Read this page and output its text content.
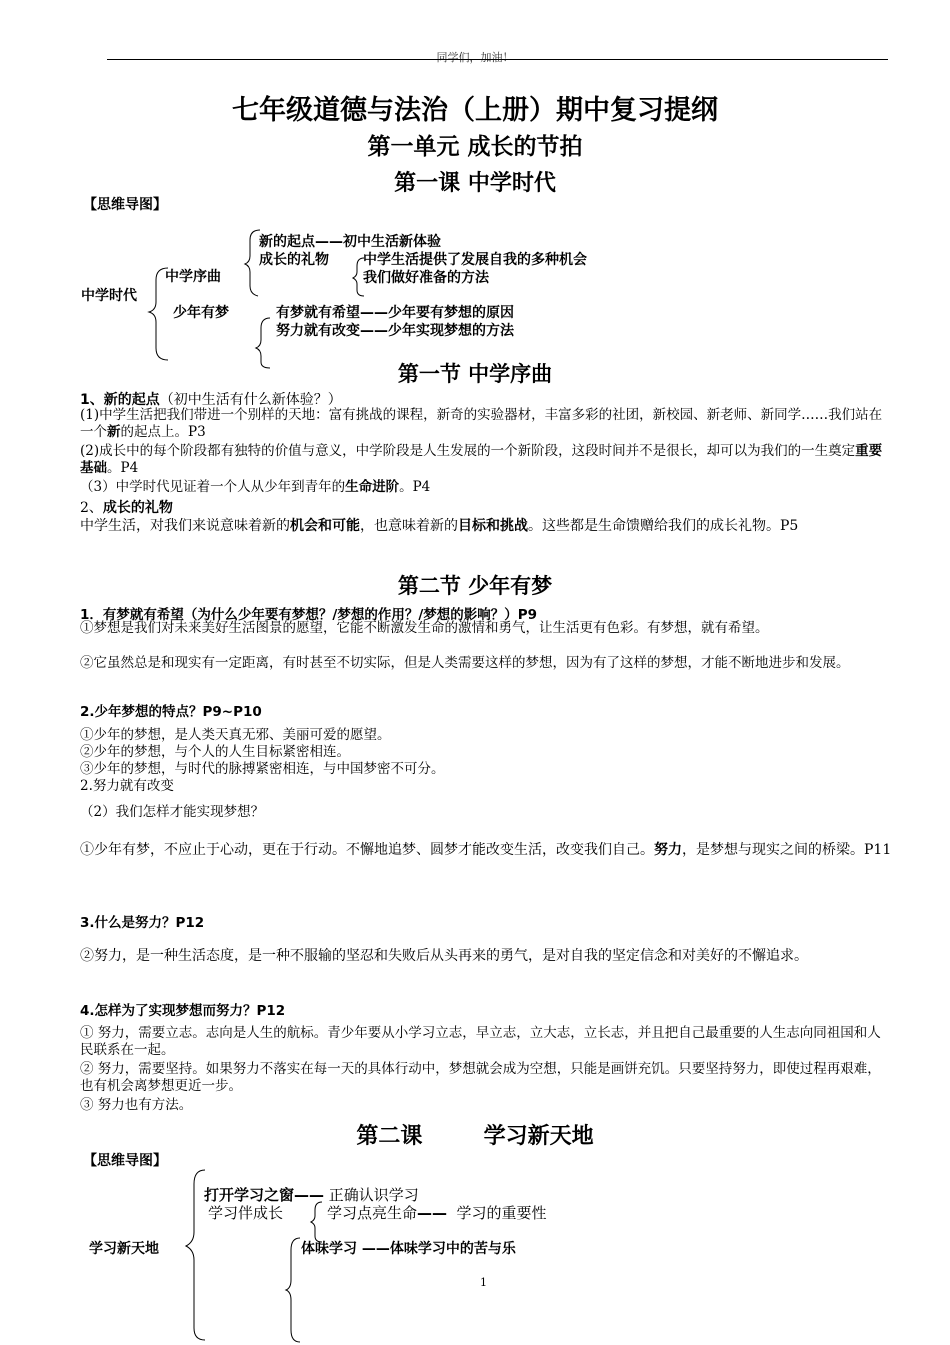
同学们，加油！
七年级道德与法治（上册）期中复习提纲
第一单元 成长的节拍
第一课 中学时代
【思维导图】
中学时代
中学序曲
新的起点——初中生活新体验
成长的礼物 中学生活提供了发展自我的多种机会
我们做好准备的方法
少年有梦	有梦就有希望——少年要有梦想的原因
努力就有改变——少年实现梦想的方法
第一节 中学序曲
1、新的起点（初中生活有什么新体验？）
(1)中学生活把我们带进一个别样的天地：富有挑战的课程，新奇的实验器材，丰富多彩的社团，新校园、新老师、新同学……我们站在一个新的起点上。P3
(2)成长中的每个阶段都有独特的价值与意义，中学阶段是人生发展的一个新阶段，这段时间并不是很长，却可以为我们的一生奠定重要基础。P4
（3）中学时代见证着一个人从少年到青年的生命进阶。P4
2、成长的礼物
中学生活，对我们来说意味着新的机会和可能，也意味着新的目标和挑战。这些都是生命馈赠给我们的成长礼物。P5
第二节 少年有梦
1．有梦就有希望（为什么少年要有梦想？/梦想的作用？/梦想的影响？）P9
①梦想是我们对未来美好生活图景的愿望，它能不断激发生命的激情和勇气，让生活更有色彩。有梦想，就有希望。
②它虽然总是和现实有一定距离，有时甚至不切实际，但是人类需要这样的梦想，因为有了这样的梦想，才能不断地进步和发展。
2.少年梦想的特点？P9~P10
①少年的梦想，是人类天真无邪、美丽可爱的愿望。
②少年的梦想，与个人的人生目标紧密相连。
③少年的梦想，与时代的脉搏紧密相连，与中国梦密不可分。
2.努力就有改变
（2）我们怎样才能实现梦想？
①少年有梦，不应止于心动，更在于行动。不懈地追梦、圆梦才能改变生活，改变我们自己。努力，是梦想与现实之间的桥梁。P11
3.什么是努力？P12
②努力，是一种生活态度，是一种不服输的坚忍和失败后从头再来的勇气，是对自我的坚定信念和对美好的不懈追求。
4.怎样为了实现梦想而努力？P12
① 努力，需要立志。志向是人生的航标。青少年要从小学习立志，早立志，立大志，立长志，并且把自己最重要的人生志向同祖国和人民联系在一起。
② 努力，需要坚持。如果努力不落实在每一天的具体行动中，梦想就会成为空想，只能是画饼充饥。只要坚持努力，即使过程再艰难，也有机会离梦想更近一步。
③ 努力也有方法。
第二课        学习新天地
【思维导图】
学习新天地
打开学习之窗—— 正确认识学习
学习伴成长	学习点亮生命——  学习的重要性
体味学习 ——体味学习中的苦与乐
1
